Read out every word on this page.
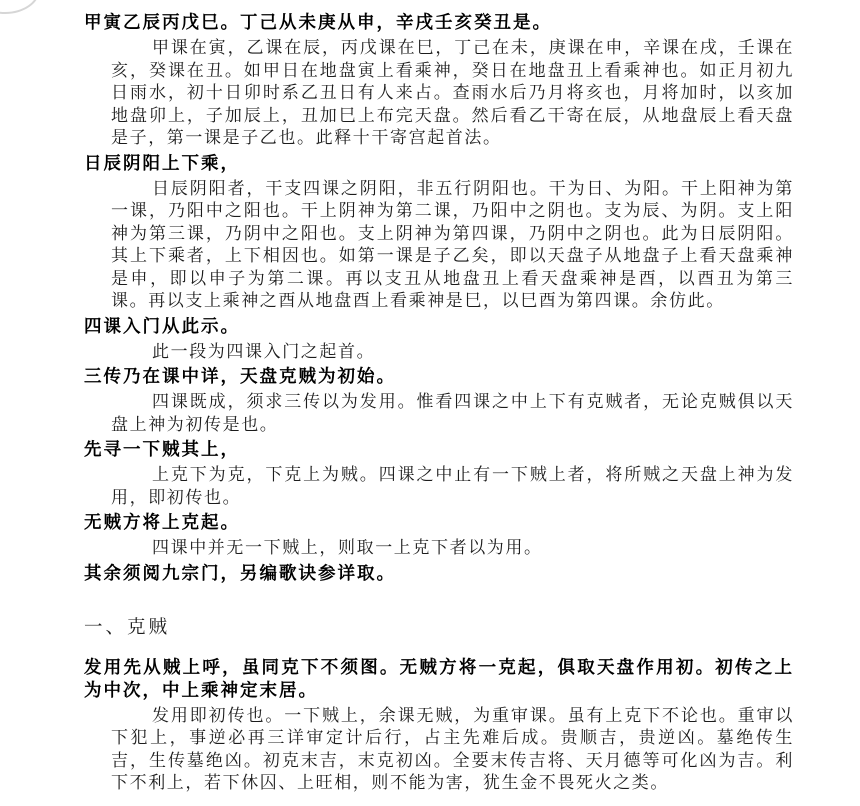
甲寅乙辰丙戊巳。丁己从未庚从申，辛戌壬亥癸丑是。

甲课在寅，乙课在辰，丙戊课在巳，丁己在未，庚课在申，辛课在戌，壬课在亥，癸课在丑。如甲日在地盘寅上看乘神，癸日在地盘丑上看乘神也。如正月初九日雨水，初十日卯时系乙丑日有人来占。查雨水后乃月将亥也，月将加时，以亥加地盘卯上，子加辰上，丑加巳上布完天盘。然后看乙干寄在辰，从地盘辰上看天盘是子，第一课是子乙也。此释十干寄宫起首法。

日辰阴阳上下乘，

日辰阴阳者，干支四课之阴阳，非五行阴阳也。干为日、为阳。干上阳神为第一课，乃阳中之阳也。干上阴神为第二课，乃阳中之阴也。支为辰、为阴。支上阳神为第三课，乃阴中之阳也。支上阴神为第四课，乃阴中之阴也。此为日辰阴阳。其上下乘者，上下相因也。如第一课是子乙矣，即以天盘子从地盘子上看天盘乘神是申，即以申子为第二课。再以支丑从地盘丑上看天盘乘神是酉，以酉丑为第三课。再以支上乘神之酉从地盘酉上看乘神是巳，以巳酉为第四课。余仿此。

四课入门从此示。

此一段为四课入门之起首。

三传乃在课中详，天盘克贼为初始。

四课既成，须求三传以为发用。惟看四课之中上下有克贼者，无论克贼俱以天盘上神为初传是也。

先寻一下贼其上，

上克下为克，下克上为贼。四课之中止有一下贼上者，将所贼之天盘上神为发用，即初传也。

无贼方将上克起。

四课中并无一下贼上，则取一上克下者以为用。

其余须阅九宗门，另编歌诀参详取。
一、克贼
发用先从贼上呼，虽同克下不须图。无贼方将一克起，俱取天盘作用初。初传之上为中次，中上乘神定末居。

发用即初传也。一下贼上，余课无贼，为重审课。虽有上克下不论也。重审以下犯上，事逆必再三详审定计后行，占主先难后成。贵顺吉，贵逆凶。墓绝传生吉，生传墓绝凶。初克末吉，末克初凶。全要末传吉将、天月德等可化凶为吉。利下不利上，若下休囚、上旺相，则不能为害，犹生金不畏死火之类。
